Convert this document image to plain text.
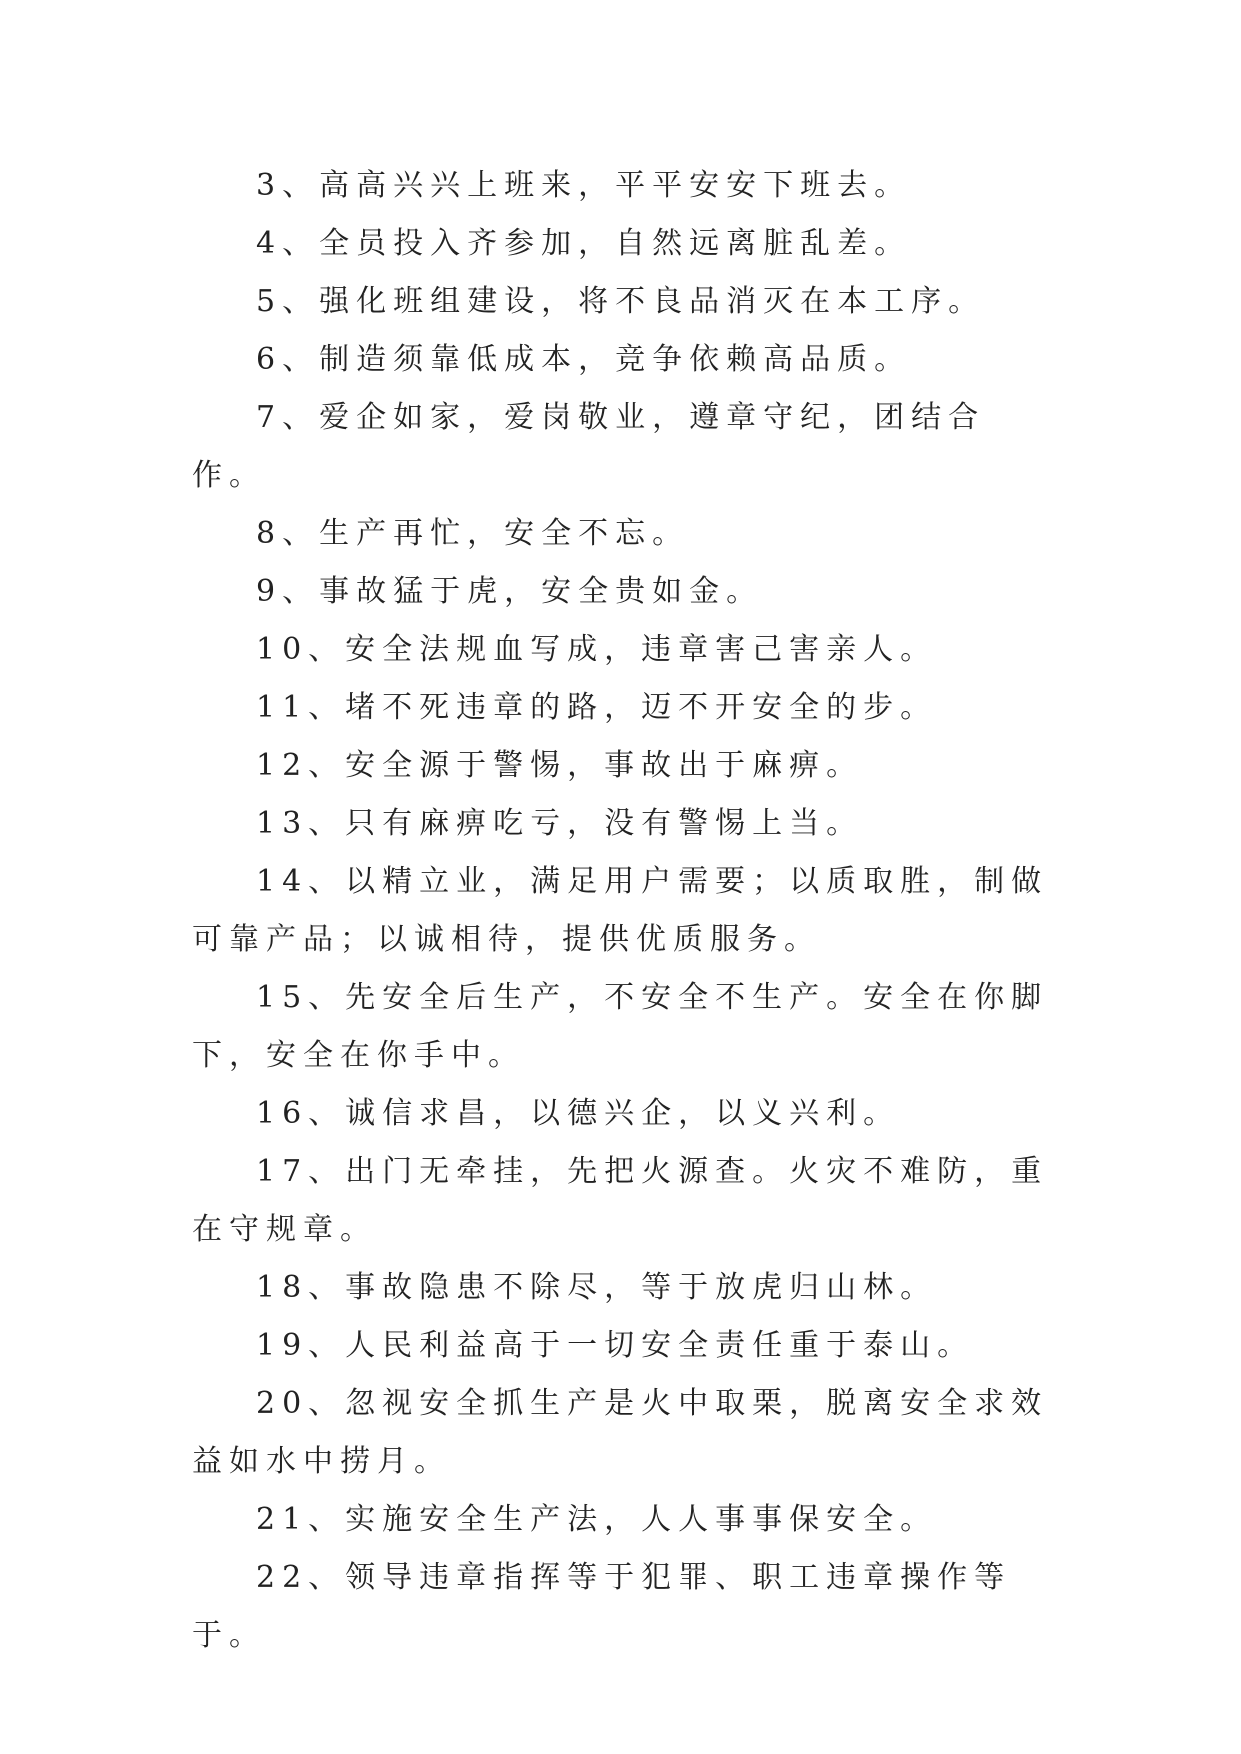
3、高高兴兴上班来，平平安安下班去。

4、全员投入齐参加，自然远离脏乱差。

5、强化班组建设，将不良品消灭在本工序。

6、制造须靠低成本，竞争依赖高品质。

7、爱企如家，爱岗敬业，遵章守纪，团结合作。

8、生产再忙，安全不忘。

9、事故猛于虎，安全贵如金。

10、安全法规血写成，违章害己害亲人。

11、堵不死违章的路，迈不开安全的步。

12、安全源于警惕，事故出于麻痹。

13、只有麻痹吃亏，没有警惕上当。

14、以精立业，满足用户需要；以质取胜，制做可靠产品；以诚相待，提供优质服务。

15、先安全后生产，不安全不生产。安全在你脚下，安全在你手中。

16、诚信求昌，以德兴企，以义兴利。

17、出门无牵挂，先把火源查。火灾不难防，重在守规章。

18、事故隐患不除尽，等于放虎归山林。

19、人民利益高于一切安全责任重于泰山。

20、忽视安全抓生产是火中取栗，脱离安全求效益如水中捞月。

21、实施安全生产法，人人事事保安全。

22、领导违章指挥等于犯罪、职工违章操作等于。
